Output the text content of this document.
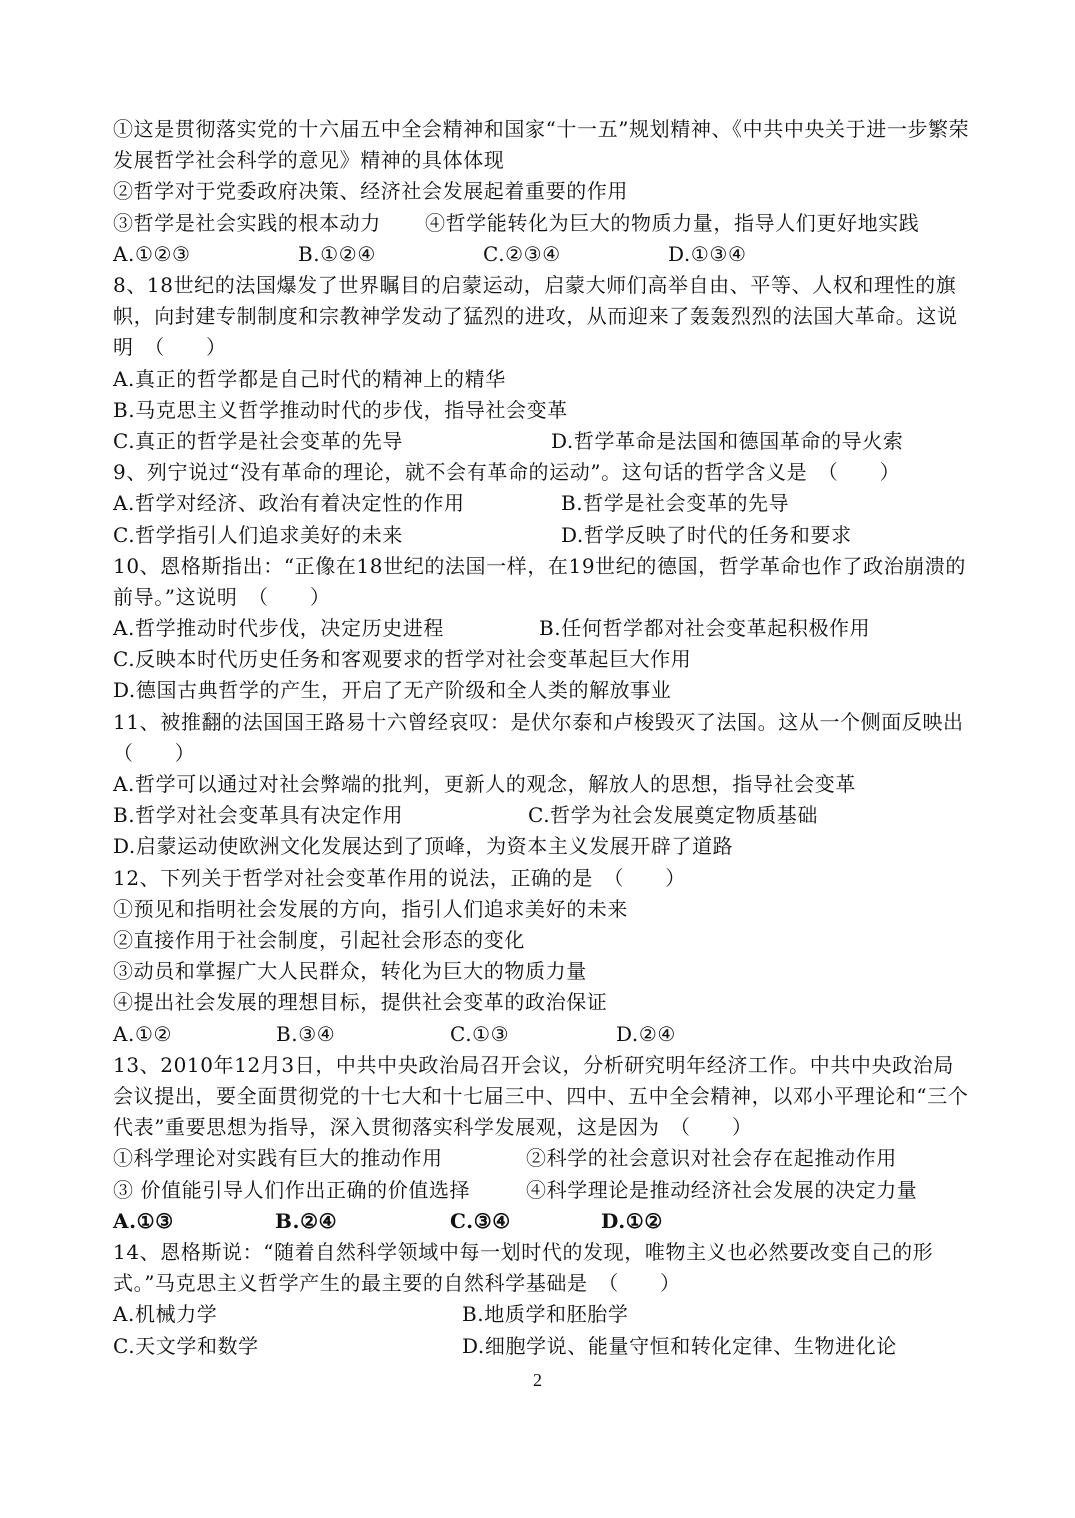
①这是贯彻落实党的十六届五中全会精神和国家“十一五”规划精神、《中共中央关于进一步繁荣发展哲学社会科学的意见》精神的具体体现
②哲学对于党委政府决策、经济社会发展起着重要的作用
③哲学是社会实践的根本动力 ④哲学能转化为巨大的物质力量，指导人们更好地实践
A.①②③	B.①②④	C.②③④	D.①③④
8、18世纪的法国爆发了世界瞩目的启蒙运动，启蒙大师们高举自由、平等、人权和理性的旗帜，向封建专制制度和宗教神学发动了猛烈的进攻，从而迎来了轰轰烈烈的法国大革命。这说明　（　　）
A.真正的哲学都是自己时代的精神上的精华
B.马克思主义哲学推动时代的步伐，指导社会变革
C.真正的哲学是社会变革的先导	D.哲学革命是法国和德国革命的导火索
9、列宁说过“没有革命的理论，就不会有革命的运动”。这句话的哲学含义是　（　　）
A.哲学对经济、政治有着决定性的作用	B.哲学是社会变革的先导
C.哲学指引人们追求美好的未来	D.哲学反映了时代的任务和要求
10、恩格斯指出：“正像在18世纪的法国一样，在19世纪的德国，哲学革命也作了政治崩溃的前导。”这说明　（　　）
A.哲学推动时代步伐，决定历史进程	B.任何哲学都对社会变革起积极作用
C.反映本时代历史任务和客观要求的哲学对社会变革起巨大作用
D.德国古典哲学的产生，开启了无产阶级和全人类的解放事业
11、被推翻的法国国王路易十六曾经哀叹：是伏尔泰和卢梭毁灭了法国。这从一个侧面反映出　（　　）
A.哲学可以通过对社会弊端的批判，更新人的观念，解放人的思想，指导社会变革
B.哲学对社会变革具有决定作用	C.哲学为社会发展奠定物质基础
D.启蒙运动使欧洲文化发展达到了顶峰，为资本主义发展开辟了道路
12、下列关于哲学对社会变革作用的说法，正确的是　（　　）
①预见和指明社会发展的方向，指引人们追求美好的未来
②直接作用于社会制度，引起社会形态的变化
③动员和掌握广大人民群众，转化为巨大的物质力量
④提出社会发展的理想目标，提供社会变革的政治保证
A.①②	B.③④	C.①③	D.②④
13、2010年12月3日，中共中央政治局召开会议，分析研究明年经济工作。中共中央政治局会议提出，要全面贯彻党的十七大和十七届三中、四中、五中全会精神，以邓小平理论和“三个代表”重要思想为指导，深入贯彻落实科学发展观，这是因为　（　　）
①科学理论对实践有巨大的推动作用	②科学的社会意识对社会存在起推动作用
③ 价值能引导人们作出正确的价值选择	④科学理论是推动经济社会发展的决定力量
A.①③	B.②④	C.③④	D.①②
14、恩格斯说：“随着自然科学领域中每一划时代的发现，唯物主义也必然要改变自己的形式。”马克思主义哲学产生的最主要的自然科学基础是　（　　）
A.机械力学	B.地质学和胚胎学
C.天文学和数学	D.细胞学说、能量守恒和转化定律、生物进化论
2
